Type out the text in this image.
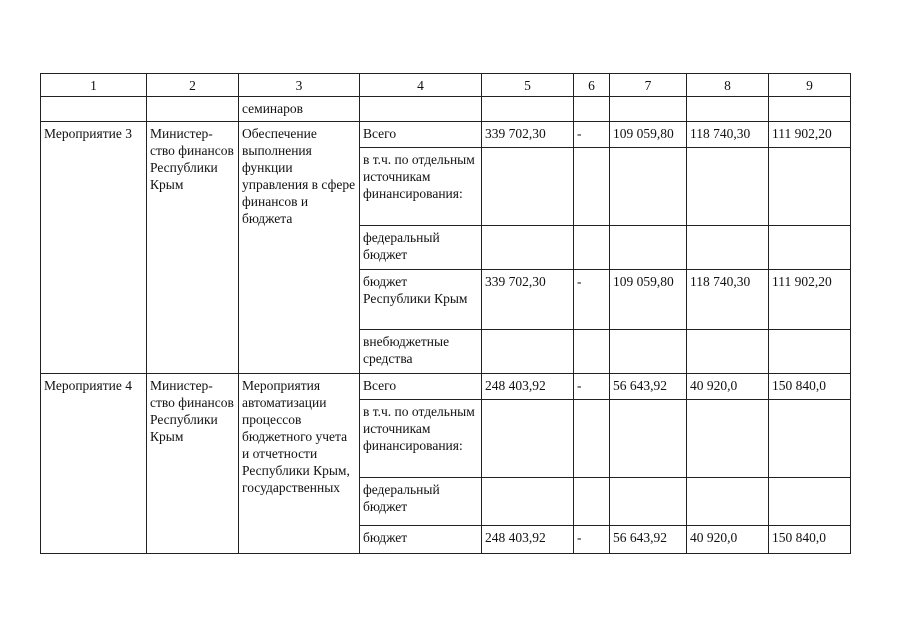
1	2	3	4	5	6	7	8	9
		семинаров						
Мероприятие 3	Министер-ство финансов Республики Крым	Обеспечение выполнения функции управления в сфере финансов и бюджета	Всего	339 702,30	-	109 059,80	118 740,30	111 902,20
			в т.ч. по отдельным источникам финансирования:					
			федеральный бюджет					
			бюджет Республики Крым	339 702,30	-	109 059,80	118 740,30	111 902,20
			внебюджетные средства					
Мероприятие 4	Министер-ство финансов Республики Крым	Мероприятия автоматизации процессов бюджетного учета и отчетности Республики Крым, государственных	Всего	248 403,92	-	56 643,92	40 920,0	150 840,0
			в т.ч. по отдельным источникам финансирования:					
			федеральный бюджет					
			бюджет	248 403,92	-	56 643,92	40 920,0	150 840,0
